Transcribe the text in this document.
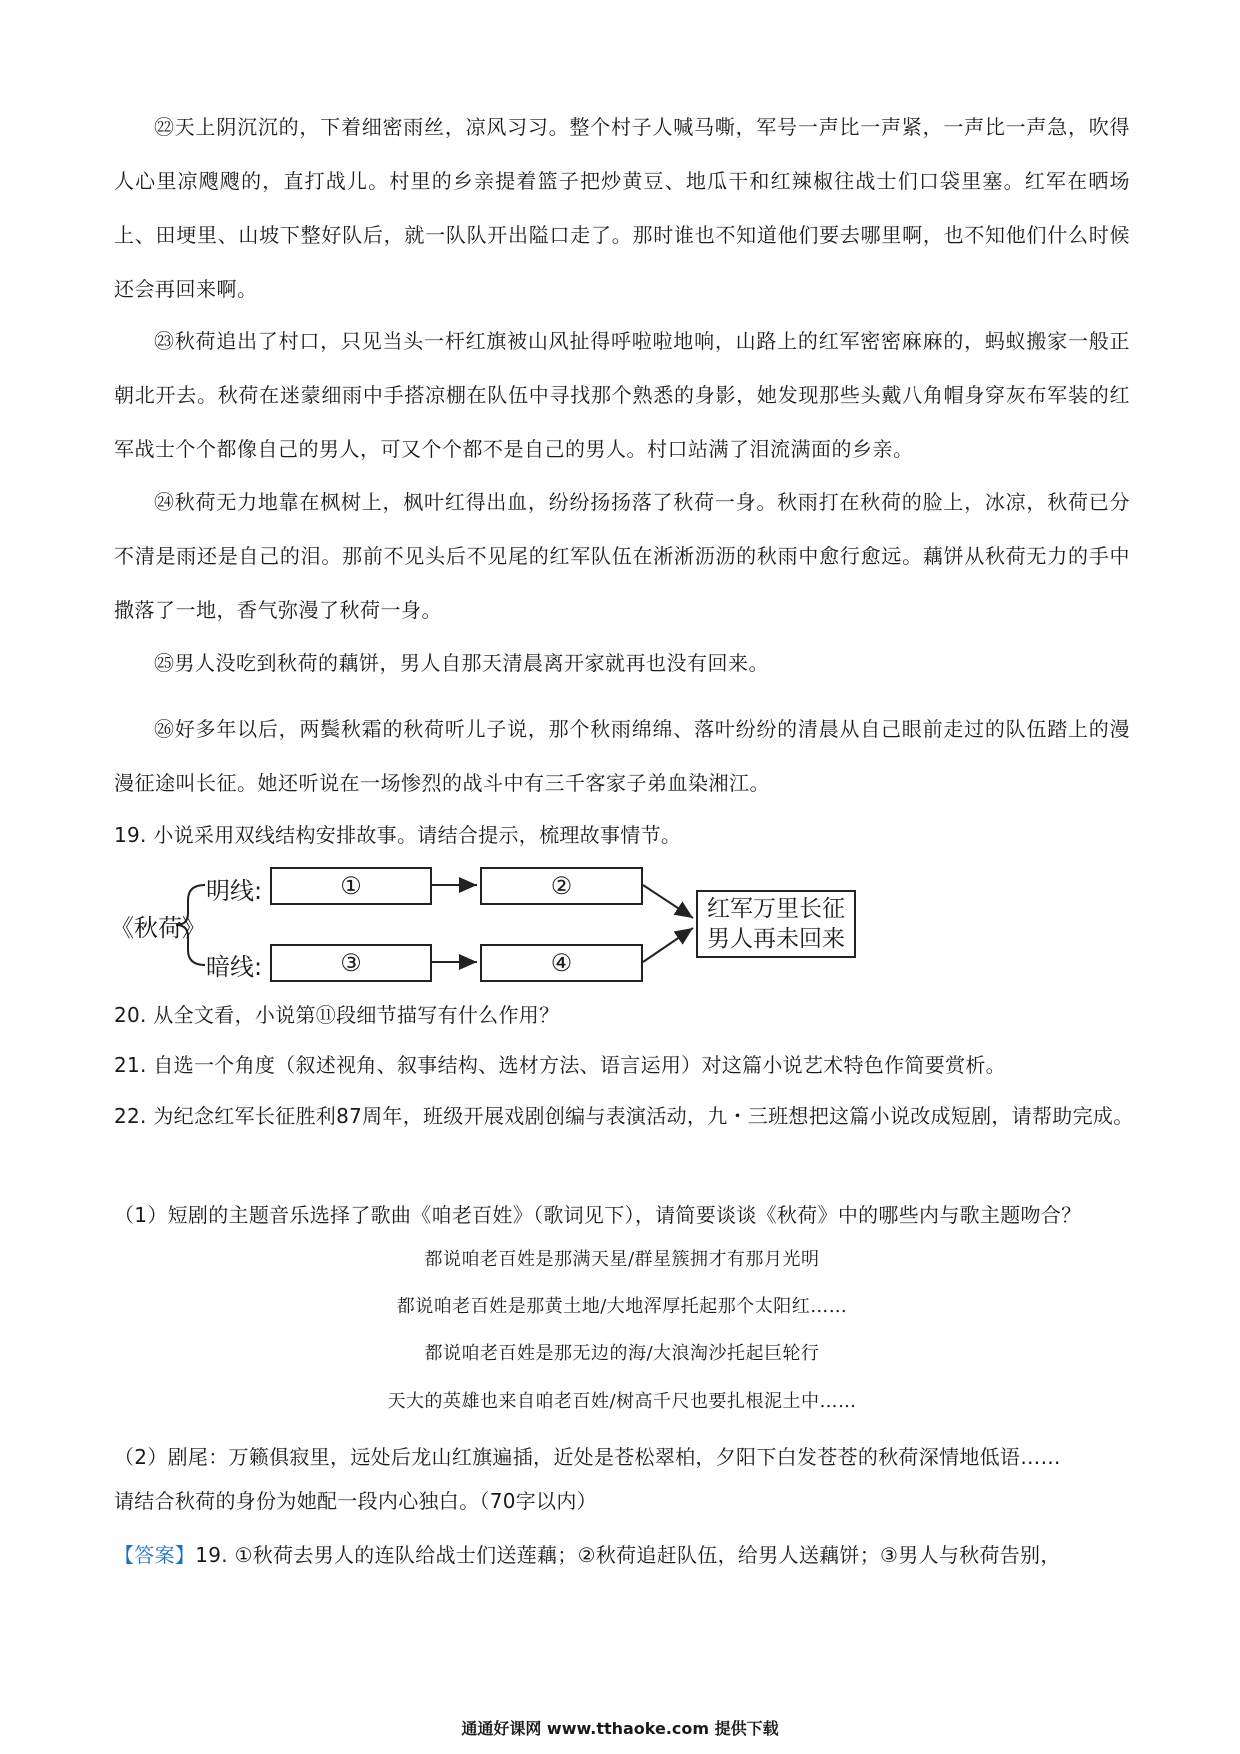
㉒天上阴沉沉的，下着细密雨丝，凉风习习。整个村子人喊马嘶，军号一声比一声紧，一声比一声急，吹得人心里凉飕飕的，直打战儿。村里的乡亲提着篮子把炒黄豆、地瓜干和红辣椒往战士们口袋里塞。红军在晒场上、田埂里、山坡下整好队后，就一队队开出隘口走了。那时谁也不知道他们要去哪里啊，也不知他们什么时候还会再回来啊。

㉓秋荷追出了村口，只见当头一杆红旗被山风扯得呼啦啦地响，山路上的红军密密麻麻的，蚂蚁搬家一般正朝北开去。秋荷在迷蒙细雨中手搭凉棚在队伍中寻找那个熟悉的身影，她发现那些头戴八角帽身穿灰布军装的红军战士个个都像自己的男人，可又个个都不是自己的男人。村口站满了泪流满面的乡亲。

㉔秋荷无力地靠在枫树上，枫叶红得出血，纷纷扬扬落了秋荷一身。秋雨打在秋荷的脸上，冰凉，秋荷已分不清是雨还是自己的泪。那前不见头后不见尾的红军队伍在淅淅沥沥的秋雨中愈行愈远。藕饼从秋荷无力的手中撒落了一地，香气弥漫了秋荷一身。

㉕男人没吃到秋荷的藕饼，男人自那天清晨离开家就再也没有回来。

㉖好多年以后，两鬓秋霜的秋荷听儿子说，那个秋雨绵绵、落叶纷纷的清晨从自己眼前走过的队伍踏上的漫漫征途叫长征。她还听说在一场惨烈的战斗中有三千客家子弟血染湘江。

19. 小说采用双线结构安排故事。请结合提示，梳理故事情节。

《秋荷》
明线:
暗线:
①	②
③	④
红军万里长征
男人再未回来

20. 从全文看，小说第⑪段细节描写有什么作用？

21. 自选一个角度（叙述视角、叙事结构、选材方法、语言运用）对这篇小说艺术特色作简要赏析。

22. 为纪念红军长征胜利87周年，班级开展戏剧创编与表演活动，九・三班想把这篇小说改成短剧，请帮助完成。

（1）短剧的主题音乐选择了歌曲《咱老百姓》（歌词见下），请简要谈谈《秋荷》中的哪些内与歌主题吻合？

都说咱老百姓是那满天星/群星簇拥才有那月光明
都说咱老百姓是那黄土地/大地浑厚托起那个太阳红……
都说咱老百姓是那无边的海/大浪淘沙托起巨轮行
天大的英雄也来自咱老百姓/树高千尺也要扎根泥土中……

（2）剧尾：万籁俱寂里，远处后龙山红旗遍插，近处是苍松翠柏，夕阳下白发苍苍的秋荷深情地低语……

请结合秋荷的身份为她配一段内心独白。（70字以内）

【答案】19. ①秋荷去男人的连队给战士们送莲藕；②秋荷追赶队伍，给男人送藕饼；③男人与秋荷告别，

通通好课网 www.tthaoke.com 提供下载
